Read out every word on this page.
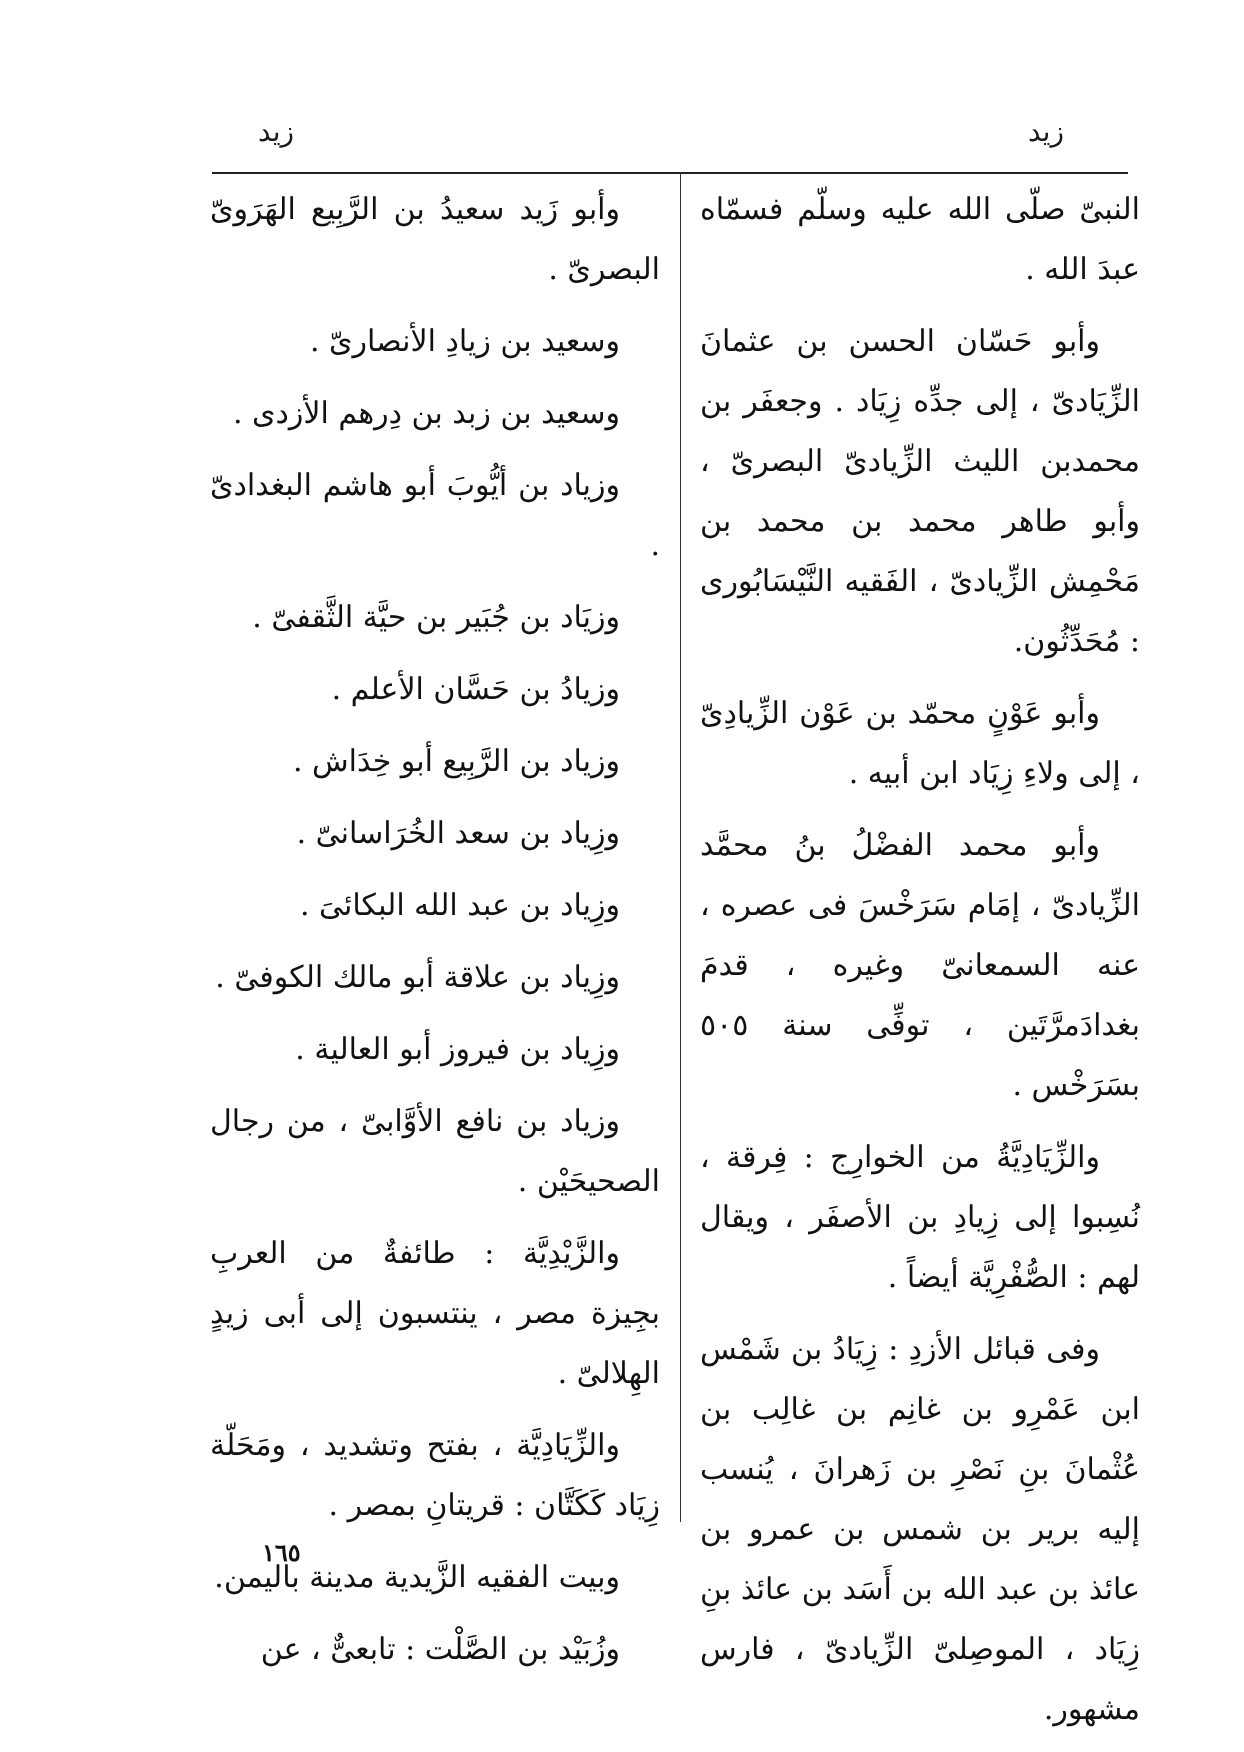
زيد
زيد

النبىّ صلّى الله عليه وسلّم فسمّاه عبدَ الله .

وأبو حَسّان الحسن بن عثمانَ الزِّيَادىّ ، إلى جدِّه زِيَاد . وجعفَر بن محمدبن الليث الزِّيادىّ البصرىّ ، وأبو طاهر محمد بن محمد بن مَحْمِش الزِّيادىّ ، الفَقيه النَّيْسَابُورى : مُحَدِّثُون.

وأبو عَوْنٍ محمّد بن عَوْن الزِّيادِىّ ، إلى ولاءِ زِيَاد ابن أبيه .

وأبو محمد الفضْلُ بنُ محمَّد الزِّيادىّ ، إمَام سَرَخْسَ فى عصره ، عنه السمعانىّ وغيره ، قدمَ بغدادَمرَّتَين ، توفِّى سنة ٥٠٥ بسَرَخْس .

والزِّيَادِيَّةُ من الخوارِج : فِرقة ، نُسِبوا إلى زِيادِ بن الأصفَر ، ويقال لهم : الصُّفْرِيَّة أيضاً .

وفى قبائل الأزدِ : زِيَادُ بن شَمْس ابن عَمْرِو بن غانِم بن غالِب بن عُثْمانَ بنِ نَصْرِ بن زَهرانَ ، يُنسب إليه برير بن شمس بن عمرو بن عائذ بن عبد الله بن أَسَد بن عائذ بنِ زِيَاد ، الموصِلىّ الزِّيادىّ ، فارس مشهور.

وأبو زَيد سعيدُ بن الرَّبِيع الهَرَوىّ البصرىّ .

وسعيد بن زيادِ الأنصارىّ .

وسعيد بن زبد بن دِرهم الأزدى .

وزياد بن أيُّوبَ أبو هاشم البغدادىّ .

وزيَاد بن جُبَير بن حيَّة الثَّقفىّ .

وزيادُ بن حَسَّان الأعلم .

وزياد بن الرَّبِيع أبو خِدَاش .

وزِياد بن سعد الخُرَاسانىّ .

وزِياد بن عبد الله البكائىَ .

وزِياد بن علاقة أبو مالك الكوفىّ .

وزِياد بن فيروز أبو العالية .

وزياد بن نافع الأوَّابىّ ، من رجال الصحيحَيْن .

والزَّيْدِيَّة : طائفةٌ من العربِ بجِيزة مصر ، ينتسبون إلى أبى زيدٍ الهِلالىّ .

والزِّيَادِيَّة ، بفتح وتشديد ، ومَحَلّة زِيَاد كَكَتَّان : قريتانِ بمصر .

وبيت الفقيه الزَّيدية مدينة باليمن.

وزُبَيْد بن الصَّلْت : تابعىٌّ ، عن

١٦٥
